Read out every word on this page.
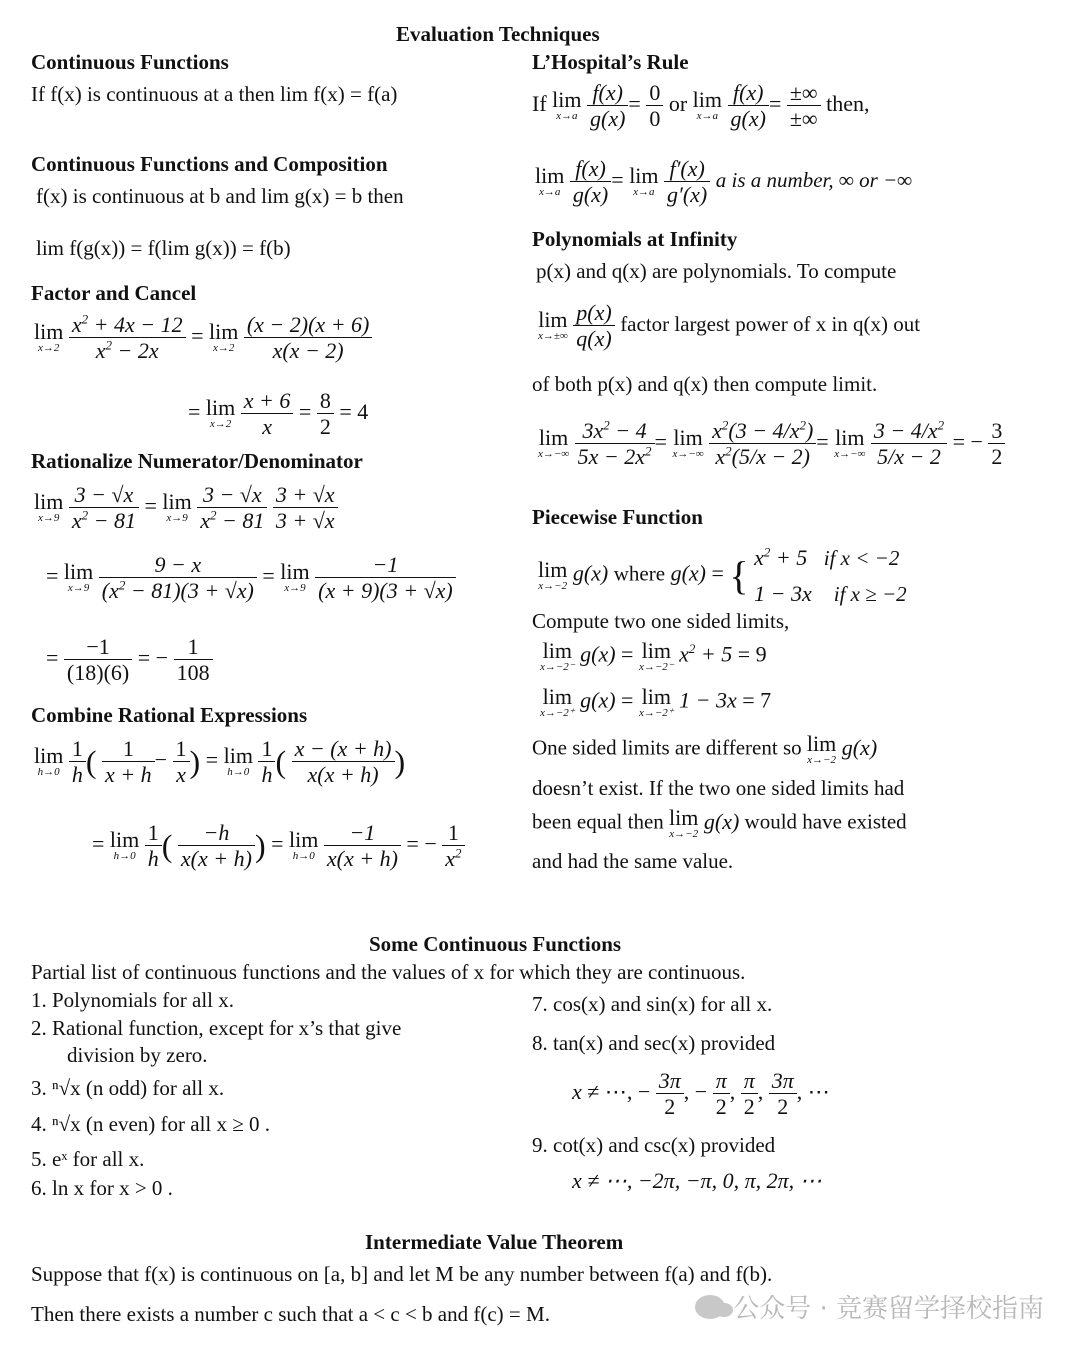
Evaluation Techniques
Continuous Functions
If f(x) is continuous at a then lim f(x) = f(a)
Continuous Functions and Composition
f(x) is continuous at b and lim g(x) = b then
lim f(g(x)) = f(lim g(x)) = f(b)
Factor and Cancel
lim
x→2
$\frac{x^2 + 4x - 12}{x^2 - 2x} = \lim$
x→2
$\frac{(x - 2)(x + 6)}{x(x - 2)}$
= lim
x→2
$\frac{x + 6}{x} = \frac{8}{2} = 4$
Rationalize Numerator/Denominator
lim
x→9
$\frac{3 - √x}{x^2 - 81} = \lim$
x→9
$\frac{3 - √x}{x^2 - 81}$
$\frac{3 + √x}{3 + √x}$
= lim
x→9
$\frac{9 - x}{(x^2 - 81)(3 + √x)} = \lim$
x→9
$\frac{-1}{(x + 9)(3 + √x)}$
= $\frac{-1}{(18)(6)}$ = − $\frac{1}{108}$
Combine Rational Expressions
lim
h→0
$\frac{1}{h}$ ( $\frac{1}{x + h} - \frac{1}{x}$ ) = lim
h→0
$\frac{1}{h}$ ( $\frac{x - (x + h)}{x(x + h)}$ )
= lim
h→0
$\frac{1}{h}$ ( $\frac{-h}{x(x + h)}$ ) = lim
h→0
$\frac{-1}{x(x + h)}$ = − $\frac{1}{x^2}$
L’Hospital’s Rule
If lim
x→a
$\frac{f(x)}{g(x)} = \frac{0}{0}$ or lim
x→a
$\frac{f(x)}{g(x)}$ = ±∞
±∞
then,
lim
x→a
$\frac{f(x)}{g(x)} = \lim$
x→a
$\frac{f'(x)}{g'(x)}$ a is a number, ∞ or −∞
Polynomials at Infinity
p(x) and q(x) are polynomials. To compute
lim
x→±∞
$\frac{p(x)}{q(x)}$ factor largest power of x in q(x) out
of both p(x) and q(x) then compute limit.
lim
x→−∞
$\frac{3x^2 - 4}{5x - 2x^2} = \lim$
x→−∞
$\frac{x^2(3 - 4/x^2)}{x^2(5/x - 2)} = \lim$
x→−∞
$\frac{3 - 4/x^2}{5/x - 2}$ = − $\frac{3}{2}$
Piecewise Function
lim
x→−2
g(x) where g(x) = { $x^2 + 5$   if x < −2
1 − 3x    if x ≥ −2
Compute two one sided limits,
lim
x→−2⁻
g(x) = lim
x→−2⁻
$x^2 + 5 = 9$
lim
x→−2⁺
g(x) = lim
x→−2⁺
1 − 3x = 7
One sided limits are different so lim
x→−2
g(x)
doesn’t exist. If the two one sided limits had
been equal then lim
x→−2
g(x) would have existed
and had the same value.
Some Continuous Functions
Partial list of continuous functions and the values of x for which they are continuous.
1. Polynomials for all x.
2. Rational function, except for x’s that give
division by zero.
3. ⁿ√x (n odd) for all x.
4. ⁿ√x (n even) for all x ≥ 0 .
5. eˣ for all x.
6. ln x for x > 0 .
7. cos(x) and sin(x) for all x.
8. tan(x) and sec(x) provided
x ≠ ⋯, − $\frac{3\pi}{2}$ , − $\frac{\pi}{2}$ , $\frac{\pi}{2}$ , $\frac{3\pi}{2}$ , ⋯
9. cot(x) and csc(x) provided
x ≠ ⋯, −2π, −π, 0, π, 2π, ⋯
Intermediate Value Theorem
Suppose that f(x) is continuous on [a, b] and let M be any number between f(a) and f(b).
Then there exists a number c such that a < c < b and f(c) = M.	公众号 · 竞赛留学择校指南
